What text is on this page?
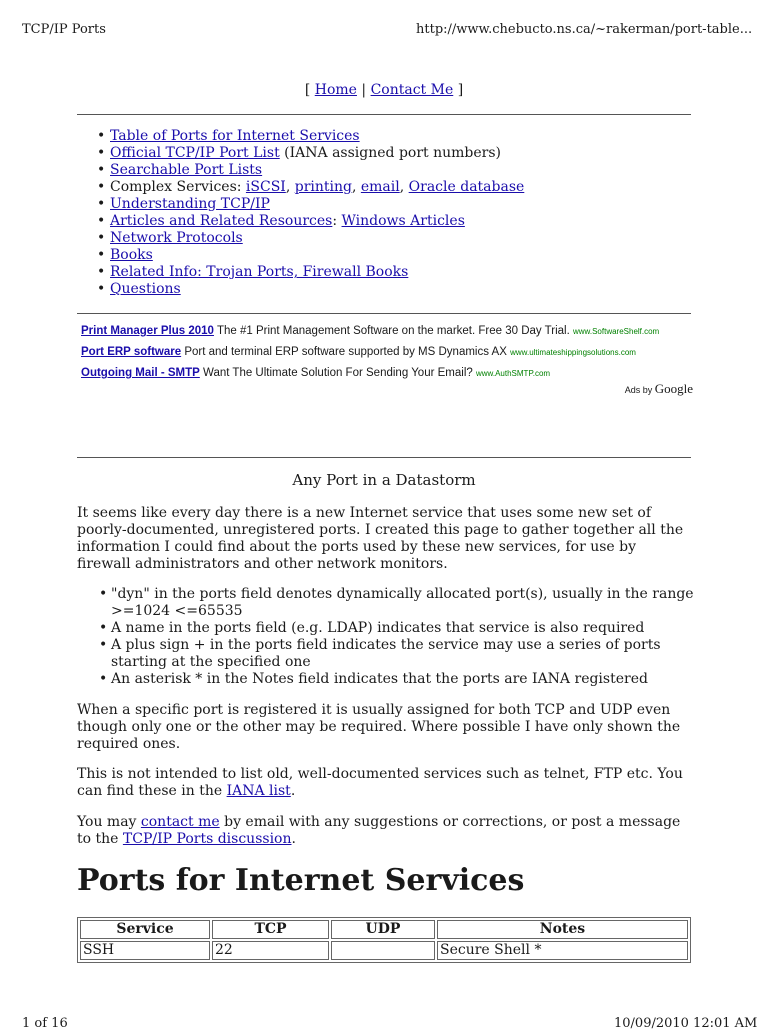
TCP/IP Ports	http://www.chebucto.ns.ca/~rakerman/port-table...
[ Home | Contact Me ]
• Table of Ports for Internet Services
• Official TCP/IP Port List (IANA assigned port numbers)
• Searchable Port Lists
• Complex Services: iSCSI, printing, email, Oracle database
• Understanding TCP/IP
• Articles and Related Resources: Windows Articles
• Network Protocols
• Books
• Related Info: Trojan Ports, Firewall Books
• Questions
Print Manager Plus 2010 The #1 Print Management Software on the market. Free 30 Day Trial. www.SoftwareShelf.com
Port ERP software Port and terminal ERP software supported by MS Dynamics AX www.ultimateshippingsolutions.com
Outgoing Mail - SMTP Want The Ultimate Solution For Sending Your Email? www.AuthSMTP.com
Ads by Google
Any Port in a Datastorm

It seems like every day there is a new Internet service that uses some new set of poorly-documented, unregistered ports. I created this page to gather together all the information I could find about the ports used by these new services, for use by firewall administrators and other network monitors.

• "dyn" in the ports field denotes dynamically allocated port(s), usually in the range >=1024 <=65535
• A name in the ports field (e.g. LDAP) indicates that service is also required
• A plus sign + in the ports field indicates the service may use a series of ports starting at the specified one
• An asterisk * in the Notes field indicates that the ports are IANA registered

When a specific port is registered it is usually assigned for both TCP and UDP even though only one or the other may be required. Where possible I have only shown the required ones.

This is not intended to list old, well-documented services such as telnet, FTP etc. You can find these in the IANA list.

You may contact me by email with any suggestions or corrections, or post a message to the TCP/IP Ports discussion.

Ports for Internet Services
Service	TCP	UDP	Notes
SSH	22		Secure Shell *
1 of 16	10/09/2010 12:01 AM
